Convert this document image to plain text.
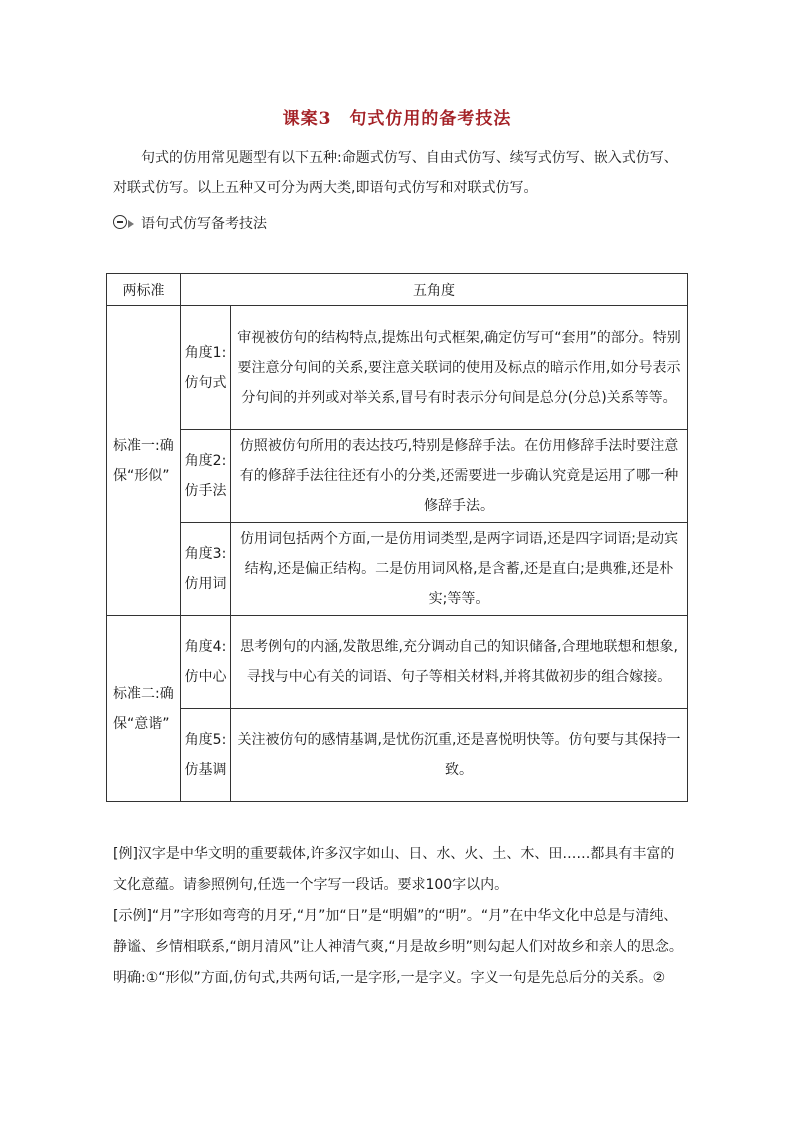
课案3　句式仿用的备考技法
句式的仿用常见题型有以下五种:命题式仿写、自由式仿写、续写式仿写、嵌入式仿写、对联式仿写。以上五种又可分为两大类,即语句式仿写和对联式仿写。
语句式仿写备考技法
两标准	五角度	
标准一:确保“形似”	角度1:仿句式	审视被仿句的结构特点,提炼出句式框架,确定仿写可“套用”的部分。特别要注意分句间的关系,要注意关联词的使用及标点的暗示作用,如分号表示分句间的并列或对举关系,冒号有时表示分句间是总分(分总)关系等等。
	角度2:仿手法	仿照被仿句所用的表达技巧,特别是修辞手法。在仿用修辞手法时要注意有的修辞手法往往还有小的分类,还需要进一步确认究竟是运用了哪一种修辞手法。
	角度3:仿用词	仿用词包括两个方面,一是仿用词类型,是两字词语,还是四字词语;是动宾结构,还是偏正结构。二是仿用词风格,是含蓄,还是直白;是典雅,还是朴实;等等。
标准二:确保“意谐”	角度4:仿中心	思考例句的内涵,发散思维,充分调动自己的知识储备,合理地联想和想象,寻找与中心有关的词语、句子等相关材料,并将其做初步的组合嫁接。
	角度5:仿基调	关注被仿句的感情基调,是忧伤沉重,还是喜悦明快等。仿句要与其保持一致。

[例]汉字是中华文明的重要载体,许多汉字如山、日、水、火、土、木、田……都具有丰富的文化意蕴。请参照例句,任选一个字写一段话。要求100字以内。

[示例]“月”字形如弯弯的月牙,“月”加“日”是“明媚”的“明”。“月”在中华文化中总是与清纯、静谧、乡情相联系,“朗月清风”让人神清气爽,“月是故乡明”则勾起人们对故乡和亲人的思念。

明确:①“形似”方面,仿句式,共两句话,一是字形,一是字义。字义一句是先总后分的关系。②
